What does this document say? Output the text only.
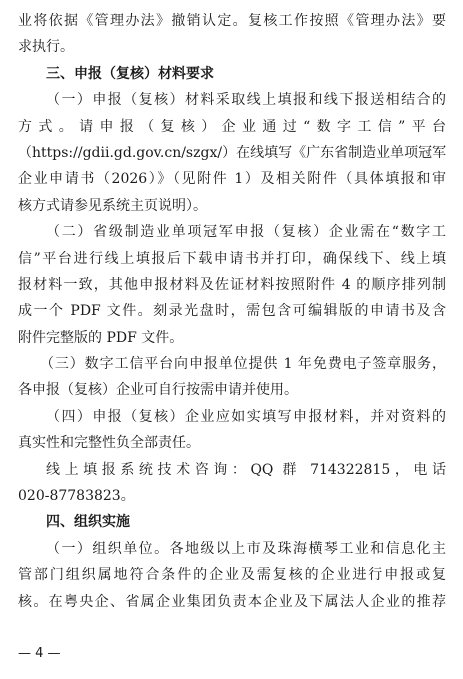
业将依据《管理办法》撤销认定。复核工作按照《管理办法》要
求执行。
三、申报（复核）材料要求
（一）申报（复核）材料采取线上填报和线下报送相结合的
方式。请申报（复核）企业通过“数字工信”平台
（https://gdii.gd.gov.cn/szgx/）在线填写《广东省制造业单项冠军
企业申请书（2026）》（见附件 1）及相关附件（具体填报和审
核方式请参见系统主页说明）。
（二）省级制造业单项冠军申报（复核）企业需在“数字工
信”平台进行线上填报后下载申请书并打印，确保线下、线上填
报材料一致，其他申报材料及佐证材料按照附件 4 的顺序排列制
成一个 PDF 文件。刻录光盘时，需包含可编辑版的申请书及含
附件完整版的 PDF 文件。
（三）数字工信平台向申报单位提供 1 年免费电子签章服务，
各申报（复核）企业可自行按需申请并使用。
（四）申报（复核）企业应如实填写申报材料，并对资料的
真实性和完整性负全部责任。
线上填报系统技术咨询：QQ 群 714322815，电话
020-87783823。
四、组织实施
（一）组织单位。各地级以上市及珠海横琴工业和信息化主
管部门组织属地符合条件的企业及需复核的企业进行申报或复
核。在粤央企、省属企业集团负责本企业及下属法人企业的推荐
— 4 —
